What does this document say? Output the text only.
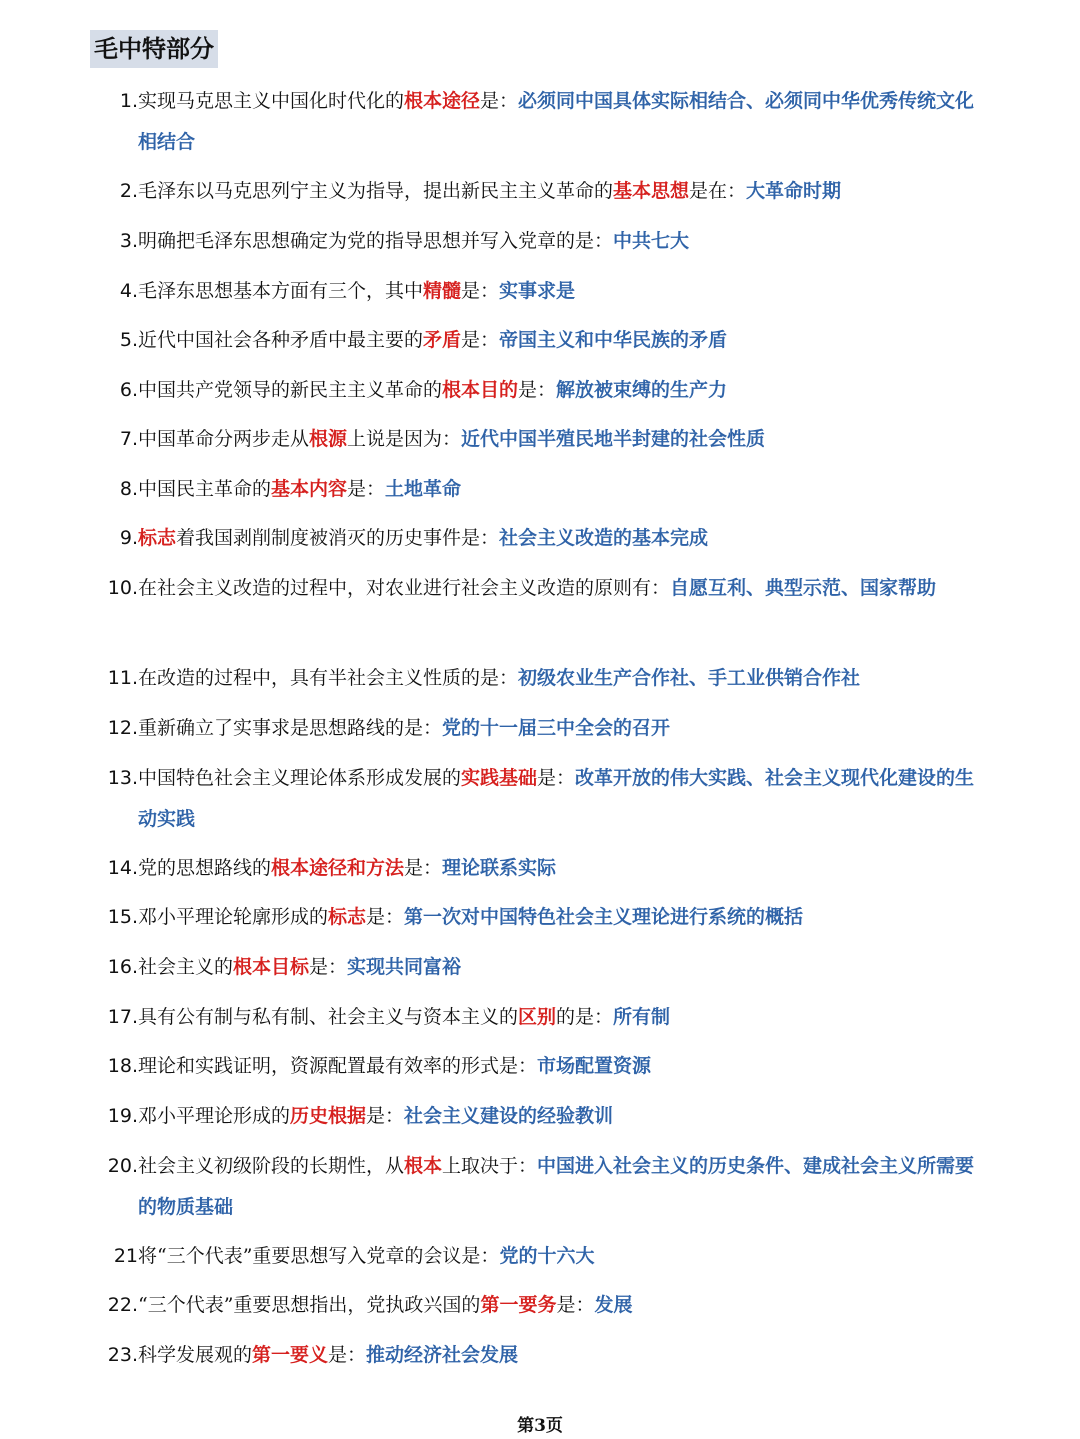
毛中特部分
1. 实现马克思主义中国化时代化的根本途径是：必须同中国具体实际相结合、必须同中华优秀传统文化相结合
2. 毛泽东以马克思列宁主义为指导，提出新民主主义革命的基本思想是在：大革命时期
3. 明确把毛泽东思想确定为党的指导思想并写入党章的是：中共七大
4. 毛泽东思想基本方面有三个，其中精髓是：实事求是
5. 近代中国社会各种矛盾中最主要的矛盾是：帝国主义和中华民族的矛盾
6. 中国共产党领导的新民主主义革命的根本目的是：解放被束缚的生产力
7. 中国革命分两步走从根源上说是因为：近代中国半殖民地半封建的社会性质
8. 中国民主革命的基本内容是：土地革命
9. 标志着我国剥削制度被消灭的历史事件是：社会主义改造的基本完成
10. 在社会主义改造的过程中，对农业进行社会主义改造的原则有：自愿互利、典型示范、国家帮助
11. 在改造的过程中，具有半社会主义性质的是：初级农业生产合作社、手工业供销合作社
12. 重新确立了实事求是思想路线的是：党的十一届三中全会的召开
13. 中国特色社会主义理论体系形成发展的实践基础是：改革开放的伟大实践、社会主义现代化建设的生动实践
14. 党的思想路线的根本途径和方法是：理论联系实际
15. 邓小平理论轮廓形成的标志是：第一次对中国特色社会主义理论进行系统的概括
16. 社会主义的根本目标是：实现共同富裕
17. 具有公有制与私有制、社会主义与资本主义的区别的是：所有制
18. 理论和实践证明，资源配置最有效率的形式是：市场配置资源
19. 邓小平理论形成的历史根据是：社会主义建设的经验教训
20. 社会主义初级阶段的长期性，从根本上取决于：中国进入社会主义的历史条件、建成社会主义所需要的物质基础
21 将“三个代表”重要思想写入党章的会议是：党的十六大
22. “三个代表”重要思想指出，党执政兴国的第一要务是：发展
23. 科学发展观的第一要义是：推动经济社会发展
第3页
